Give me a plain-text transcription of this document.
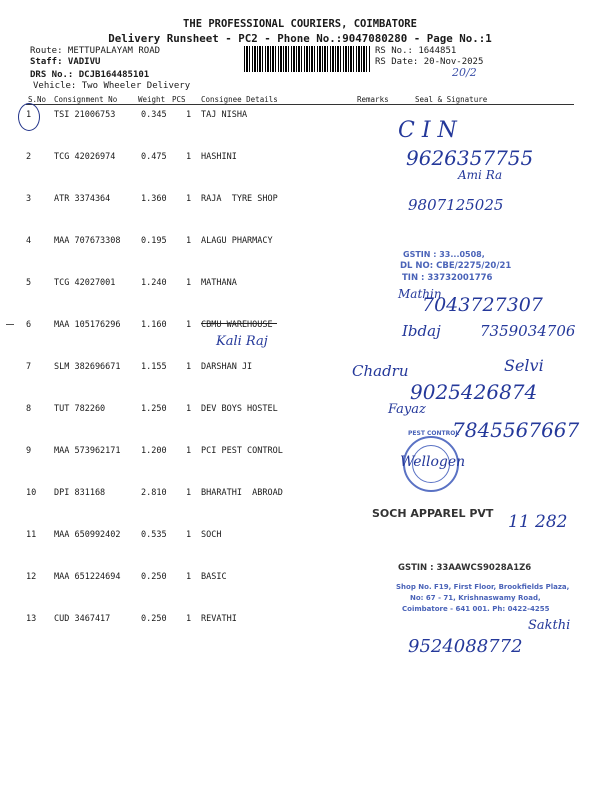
THE PROFESSIONAL COURIERS, COIMBATORE
Delivery Runsheet - PC2 - Phone No.:9047080280 - Page No.:1
Route: METTUPALAYAM ROAD
Staff: VADIVU
DRS No.: DCJB164485101
Vehicle: Two Wheeler Delivery
RS No.: 1644851
RS Date: 20-Nov-2025
20/2
S.No Consignment No	Weight PCS Consignee Details	Remarks	Seal & Signature
1	TSI 21006753	0.345 1 TAJ NISHA
2	TCG 42026974	0.475 1 HASHINI
3	ATR 3374364	1.360 1 RAJA  TYRE SHOP
4	MAA 707673308 0.195 1 ALAGU PHARMACY
5	TCG 42027001	1.240 1 MATHANA
6	MAA 105176296 1.160 1 CBMU WAREHOUSE
7	SLM 382696671 1.155 1 DARSHAN JI
8	TUT 782260	1.250 1 DEV BOYS HOSTEL
9	MAA 573962171 1.200 1 PCI PEST CONTROL
10 DPI 831168	2.810 1 BHARATHI  ABROAD
11 MAA 650992402 0.535 1 SOCH
12 MAA 651224694 0.250 1 BASIC
13 CUD 3467417	0.250 1 REVATHI
C I N
9626357755
Ami Ra
9807125025
GSTIN : 33...0508,
DL NO: CBE/2275/20/21
TIN : 33732001776
Mathin
7043727307
Ibdaj	7359034706
Kali Raj
Chadru	Selvi
9025426874
Fayaz
7845567667
PEST CONTROL
Wellogen
SOCH APPAREL PVT 11 282
GSTIN : 33AAWCS9028A1Z6
Shop No. F19, First Floor, Brookfields Plaza,
No: 67 - 71, Krishnaswamy Road,
Coimbatore - 641 001. Ph: 0422-4255
Sakthi
9524088772
